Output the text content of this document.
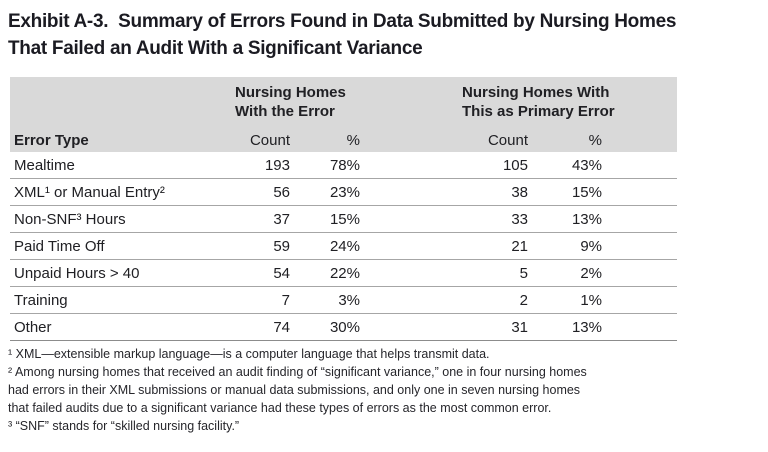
Exhibit A-3.  Summary of Errors Found in Data Submitted by Nursing Homes
That Failed an Audit With a Significant Variance
Nursing Homes
With the Error
Nursing Homes With
This as Primary Error
Error Type	Count	%	Count	%
Mealtime	193	78%	105	43%
XML¹ or Manual Entry²	56	23%	38	15%
Non-SNF³ Hours	37	15%	33	13%
Paid Time Off	59	24%	21	9%
Unpaid Hours > 40	54	22%	5	2%
Training	7	3%	2	1%
Other	74	30%	31	13%
¹ XML—extensible markup language—is a computer language that helps transmit data.
² Among nursing homes that received an audit finding of “significant variance,” one in four nursing homes
had errors in their XML submissions or manual data submissions, and only one in seven nursing homes
that failed audits due to a significant variance had these types of errors as the most common error.
³ “SNF” stands for “skilled nursing facility.”
